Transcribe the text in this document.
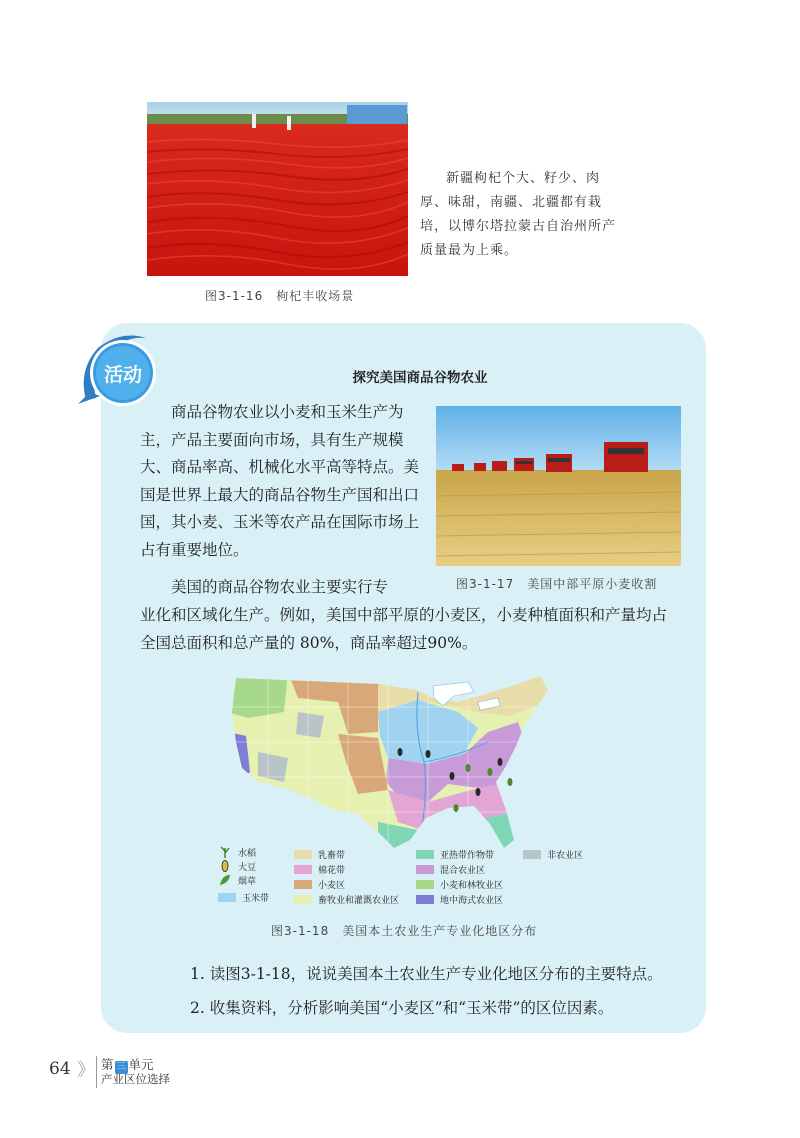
新疆枸杞个大、籽少、肉厚、味甜，南疆、北疆都有栽培，以博尔塔拉蒙古自治州所产质量最为上乘。
图3-1-16　枸杞丰收场景
活动	探究美国商品谷物农业
商品谷物农业以小麦和玉米生产为主，产品主要面向市场，具有生产规模大、商品率高、机械化水平高等特点。美国是世界上最大的商品谷物生产国和出口国，其小麦、玉米等农产品在国际市场上占有重要地位。
美国的商品谷物农业主要实行专
业化和区域化生产。例如，美国中部平原的小麦区，小麦种植面积和产量均占全国总面积和总产量的 80%，商品率超过90%。
图3-1-17　美国中部平原小麦收割
水稻
大豆
烟草
玉米带
乳畜带
棉花带
小麦区
畜牧业和灌溉农业区
亚热带作物带
混合农业区
小麦和林牧业区
地中海式农业区
非农业区
图3-1-18　美国本土农业生产专业化地区分布
1. 读图3-1-18，说说美国本土农业生产专业化地区分布的主要特点。
2. 收集资料，分析影响美国“小麦区”和“玉米带”的区位因素。
64 》 第 三 单元
产业区位选择
